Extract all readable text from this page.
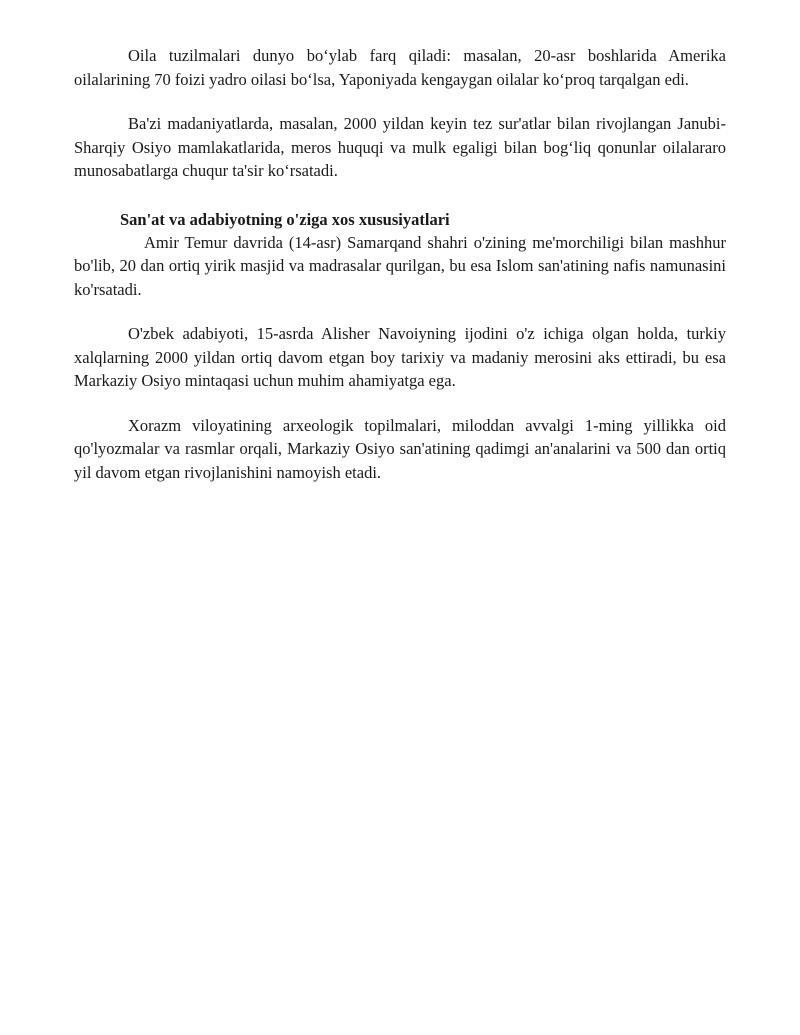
Oila tuzilmalari dunyo bo‘ylab farq qiladi: masalan, 20-asr boshlarida Amerika oilalarining 70 foizi yadro oilasi bo‘lsa, Yaponiyada kengaygan oilalar ko‘proq tarqalgan edi.

Ba'zi madaniyatlarda, masalan, 2000 yildan keyin tez sur'atlar bilan rivojlangan Janubi-Sharqiy Osiyo mamlakatlarida, meros huquqi va mulk egaligi bilan bog‘liq qonunlar oilalararo munosabatlarga chuqur ta'sir ko‘rsatadi.

San'at va adabiyotning o'ziga xos xususiyatlari

Amir Temur davrida (14-asr) Samarqand shahri o'zining me'morchiligi bilan mashhur bo'lib, 20 dan ortiq yirik masjid va madrasalar qurilgan, bu esa Islom san'atining nafis namunasini ko'rsatadi.

O'zbek adabiyoti, 15-asrda Alisher Navoiyning ijodini o'z ichiga olgan holda, turkiy xalqlarning 2000 yildan ortiq davom etgan boy tarixiy va madaniy merosini aks ettiradi, bu esa Markaziy Osiyo mintaqasi uchun muhim ahamiyatga ega.

Xorazm viloyatining arxeologik topilmalari, miloddan avvalgi 1-ming yillikka oid qo'lyozmalar va rasmlar orqali, Markaziy Osiyo san'atining qadimgi an'analarini va 500 dan ortiq yil davom etgan rivojlanishini namoyish etadi.
